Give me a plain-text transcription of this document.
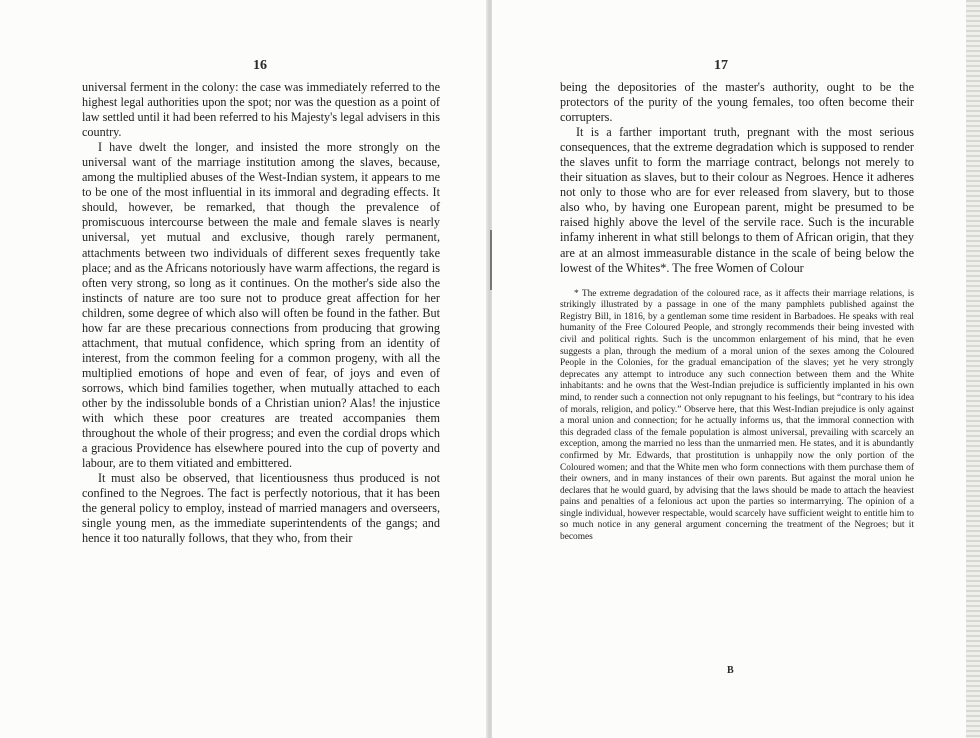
16

universal ferment in the colony: the case was immediately referred to the highest legal authorities upon the spot; nor was the question as a point of law settled until it had been referred to his Majesty's legal advisers in this country.

I have dwelt the longer, and insisted the more strongly on the universal want of the marriage institution among the slaves, because, among the multiplied abuses of the West-Indian system, it appears to me to be one of the most influential in its immoral and degrading effects. It should, however, be remarked, that though the prevalence of promiscuous intercourse between the male and female slaves is nearly universal, yet mutual and exclusive, though rarely permanent, attachments between two individuals of different sexes frequently take place; and as the Africans notoriously have warm affections, the regard is often very strong, so long as it continues. On the mother's side also the instincts of nature are too sure not to produce great affection for her children, some degree of which also will often be found in the father. But how far are these precarious connections from producing that growing attachment, that mutual confidence, which spring from an identity of interest, from the common feeling for a common progeny, with all the multiplied emotions of hope and even of fear, of joys and even of sorrows, which bind families together, when mutually attached to each other by the indissoluble bonds of a Christian union? Alas! the injustice with which these poor creatures are treated accompanies them throughout the whole of their progress; and even the cordial drops which a gracious Providence has elsewhere poured into the cup of poverty and labour, are to them vitiated and embittered.

It must also be observed, that licentiousness thus produced is not confined to the Negroes. The fact is perfectly notorious, that it has been the general policy to employ, instead of married managers and overseers, single young men, as the immediate superintendents of the gangs; and hence it too naturally follows, that they who, from their

17

being the depositories of the master's authority, ought to be the protectors of the purity of the young females, too often become their corrupters.

It is a farther important truth, pregnant with the most serious consequences, that the extreme degradation which is supposed to render the slaves unfit to form the marriage contract, belongs not merely to their situation as slaves, but to their colour as Negroes. Hence it adheres not only to those who are for ever released from slavery, but to those also who, by having one European parent, might be presumed to be raised highly above the level of the servile race. Such is the incurable infamy inherent in what still belongs to them of African origin, that they are at an almost immeasurable distance in the scale of being below the lowest of the Whites*. The free Women of Colour

* The extreme degradation of the coloured race, as it affects their marriage relations, is strikingly illustrated by a passage in one of the many pamphlets published against the Registry Bill, in 1816, by a gentleman some time resident in Barbadoes. He speaks with real humanity of the Free Coloured People, and strongly recommends their being invested with civil and political rights. Such is the uncommon enlargement of his mind, that he even suggests a plan, through the medium of a moral union of the sexes among the Coloured People in the Colonies, for the gradual emancipation of the slaves; yet he very strongly deprecates any attempt to introduce any such connection between them and the White inhabitants: and he owns that the West-Indian prejudice is sufficiently implanted in his own mind, to render such a connection not only repugnant to his feelings, but “contrary to his idea of morals, religion, and policy.” Observe here, that this West-Indian prejudice is only against a moral union and connection; for he actually informs us, that the immoral connection with this degraded class of the female population is almost universal, prevailing with scarcely an exception, among the married no less than the unmarried men. He states, and it is abundantly confirmed by Mr. Edwards, that prostitution is unhappily now the only portion of the Coloured women; and that the White men who form connections with them purchase them of their owners, and in many instances of their own parents. But against the moral union he declares that he would guard, by advising that the laws should be made to attach the heaviest pains and penalties of a felonious act upon the parties so intermarrying. The opinion of a single individual, however respectable, would scarcely have sufficient weight to entitle him to so much notice in any general argument concerning the treatment of the Negroes; but it becomes

B
